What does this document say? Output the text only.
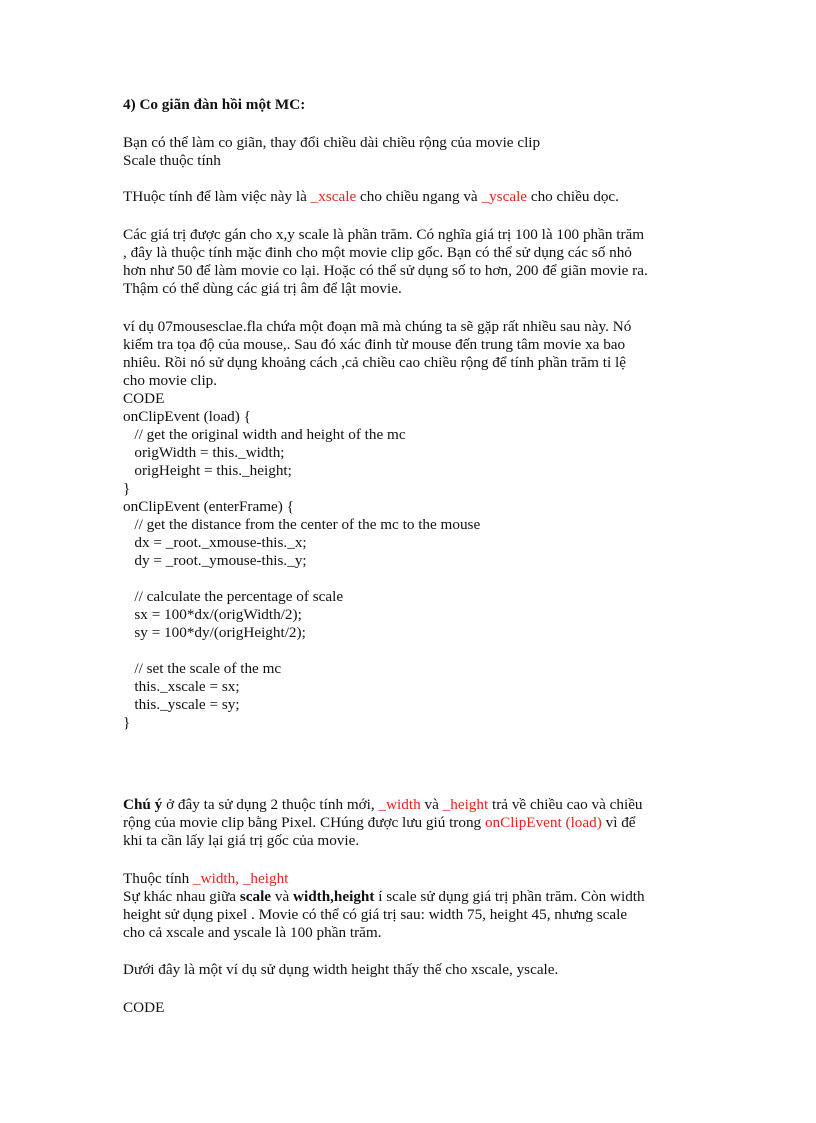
4) Co giãn đàn hồi một MC:
Bạn có thể làm co giãn, thay đổi chiều dài chiều rộng của movie clip
Scale thuộc tính
THuộc tính để làm việc này là _xscale cho chiều ngang và _yscale cho chiều dọc.
Các giá trị được gán cho x,y scale là phần trăm. Có nghĩa giá trị 100 là 100 phần trăm
, đây là thuộc tính mặc đinh cho một movie clip gốc. Bạn có thể sử dụng các số nhỏ
hơn như 50 để làm movie co lại. Hoặc có thể sử dụng số to hơn, 200 để giãn movie ra.
Thậm có thể dùng các giá trị âm để lật movie.
ví dụ 07mousesclae.fla chứa một đoạn mã mà chúng ta sẽ gặp rất nhiều sau này. Nó
kiểm tra tọa độ của mouse,. Sau đó xác đinh từ mouse đến trung tâm movie xa bao
nhiêu. Rồi nó sử dụng khoảng cách ,cả chiều cao chiều rộng để tính phần trăm tỉ lệ
cho movie clip.
CODE
onClipEvent (load) {
// get the original width and height of the mc
origWidth = this._width;
origHeight = this._height;
}
onClipEvent (enterFrame) {
// get the distance from the center of the mc to the mouse
dx = _root._xmouse-this._x;
dy = _root._ymouse-this._y;
// calculate the percentage of scale
sx = 100*dx/(origWidth/2);
sy = 100*dy/(origHeight/2);
// set the scale of the mc
this._xscale = sx;
this._yscale = sy;
}
Chú ý ở đây ta sử dụng 2 thuộc tính mới, _width và _height trả về chiều cao và chiều
rộng của movie clip bằng Pixel. CHúng được lưu giú trong onClipEvent (load) vì để
khi ta cần lấy lại giá trị gốc của movie.
Thuộc tính _width, _height
Sự khác nhau giữa scale và width,height í scale sử dụng giá trị phần trăm. Còn width
height sử dụng pixel . Movie có thể có giá trị sau: width 75, height 45, nhưng scale
cho cả xscale and yscale là 100 phần trăm.
Dưới đây là một ví dụ sử dụng width height thấy thế cho xscale, yscale.
CODE
